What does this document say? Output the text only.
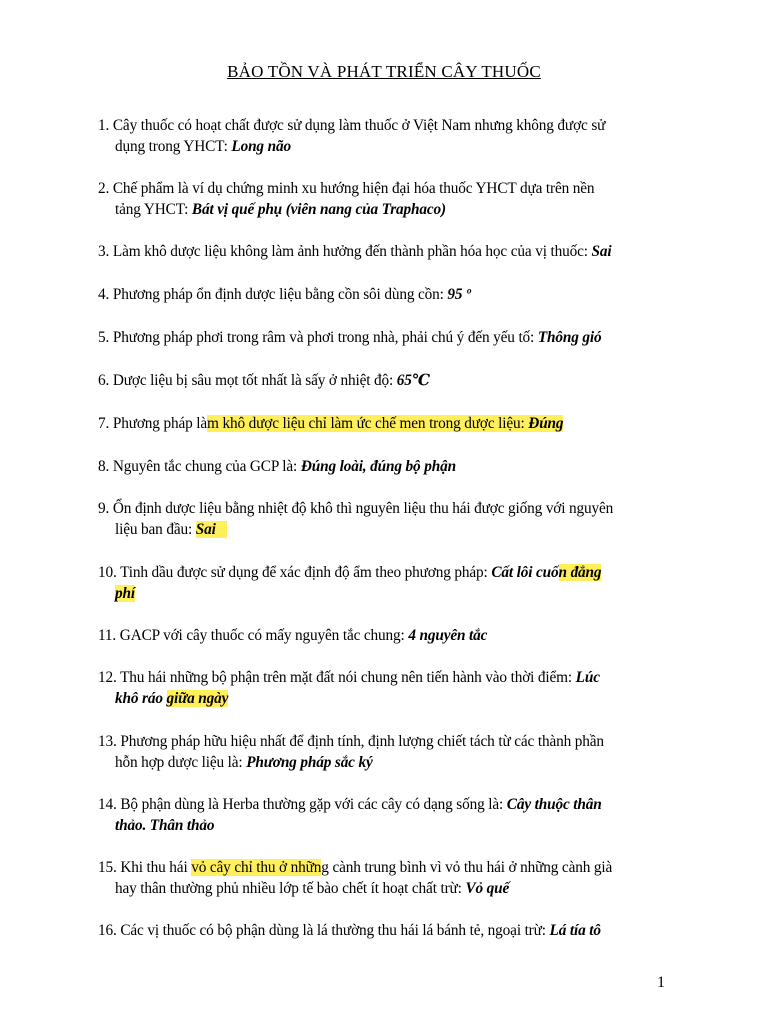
BẢO TỒN VÀ PHÁT TRIỂN CÂY THUỐC
1. Cây thuốc có hoạt chất được sử dụng làm thuốc ở Việt Nam nhưng không được sử
dụng trong YHCT: Long não
2. Chế phẩm là ví dụ chứng minh xu hướng hiện đại hóa thuốc YHCT dựa trên nền
tảng YHCT: Bát vị quế phụ (viên nang của Traphaco)
3. Làm khô dược liệu không làm ảnh hưởng đến thành phần hóa học của vị thuốc: Sai
4. Phương pháp ổn định dược liệu bằng cồn sôi dùng cồn: 95 º
5. Phương pháp phơi trong râm và phơi trong nhà, phải chú ý đến yếu tố: Thông gió
6. Dược liệu bị sâu mọt tốt nhất là sấy ở nhiệt độ: 65℃
7. Phương pháp làm khô dược liệu chỉ làm ức chế men trong dược liệu: Đúng
8. Nguyên tắc chung của GCP là: Đúng loài, đúng bộ phận
9. Ổn định dược liệu bằng nhiệt độ khô thì nguyên liệu thu hái được giống với nguyên
liệu ban đầu: Sai
10. Tinh dầu được sử dụng để xác định độ ẩm theo phương pháp: Cất lôi cuốn đẳng
phí
11. GACP với cây thuốc có mấy nguyên tắc chung: 4 nguyên tắc
12. Thu hái những bộ phận trên mặt đất nói chung nên tiến hành vào thời điểm: Lúc
khô ráo giữa ngày
13. Phương pháp hữu hiệu nhất để định tính, định lượng chiết tách từ các thành phần
hỗn hợp dược liệu là: Phương pháp sắc ký
14. Bộ phận dùng là Herba thường gặp với các cây có dạng sống là: Cây thuộc thân
thảo. Thân thảo
15. Khi thu hái vỏ cây chỉ thu ở những cành trung bình vì vỏ thu hái ở những cành già
hay thân thường phủ nhiều lớp tế bào chết ít hoạt chất trừ: Vỏ quế
16. Các vị thuốc có bộ phận dùng là lá thường thu hái lá bánh tẻ, ngoại trừ: Lá tía tô
1
